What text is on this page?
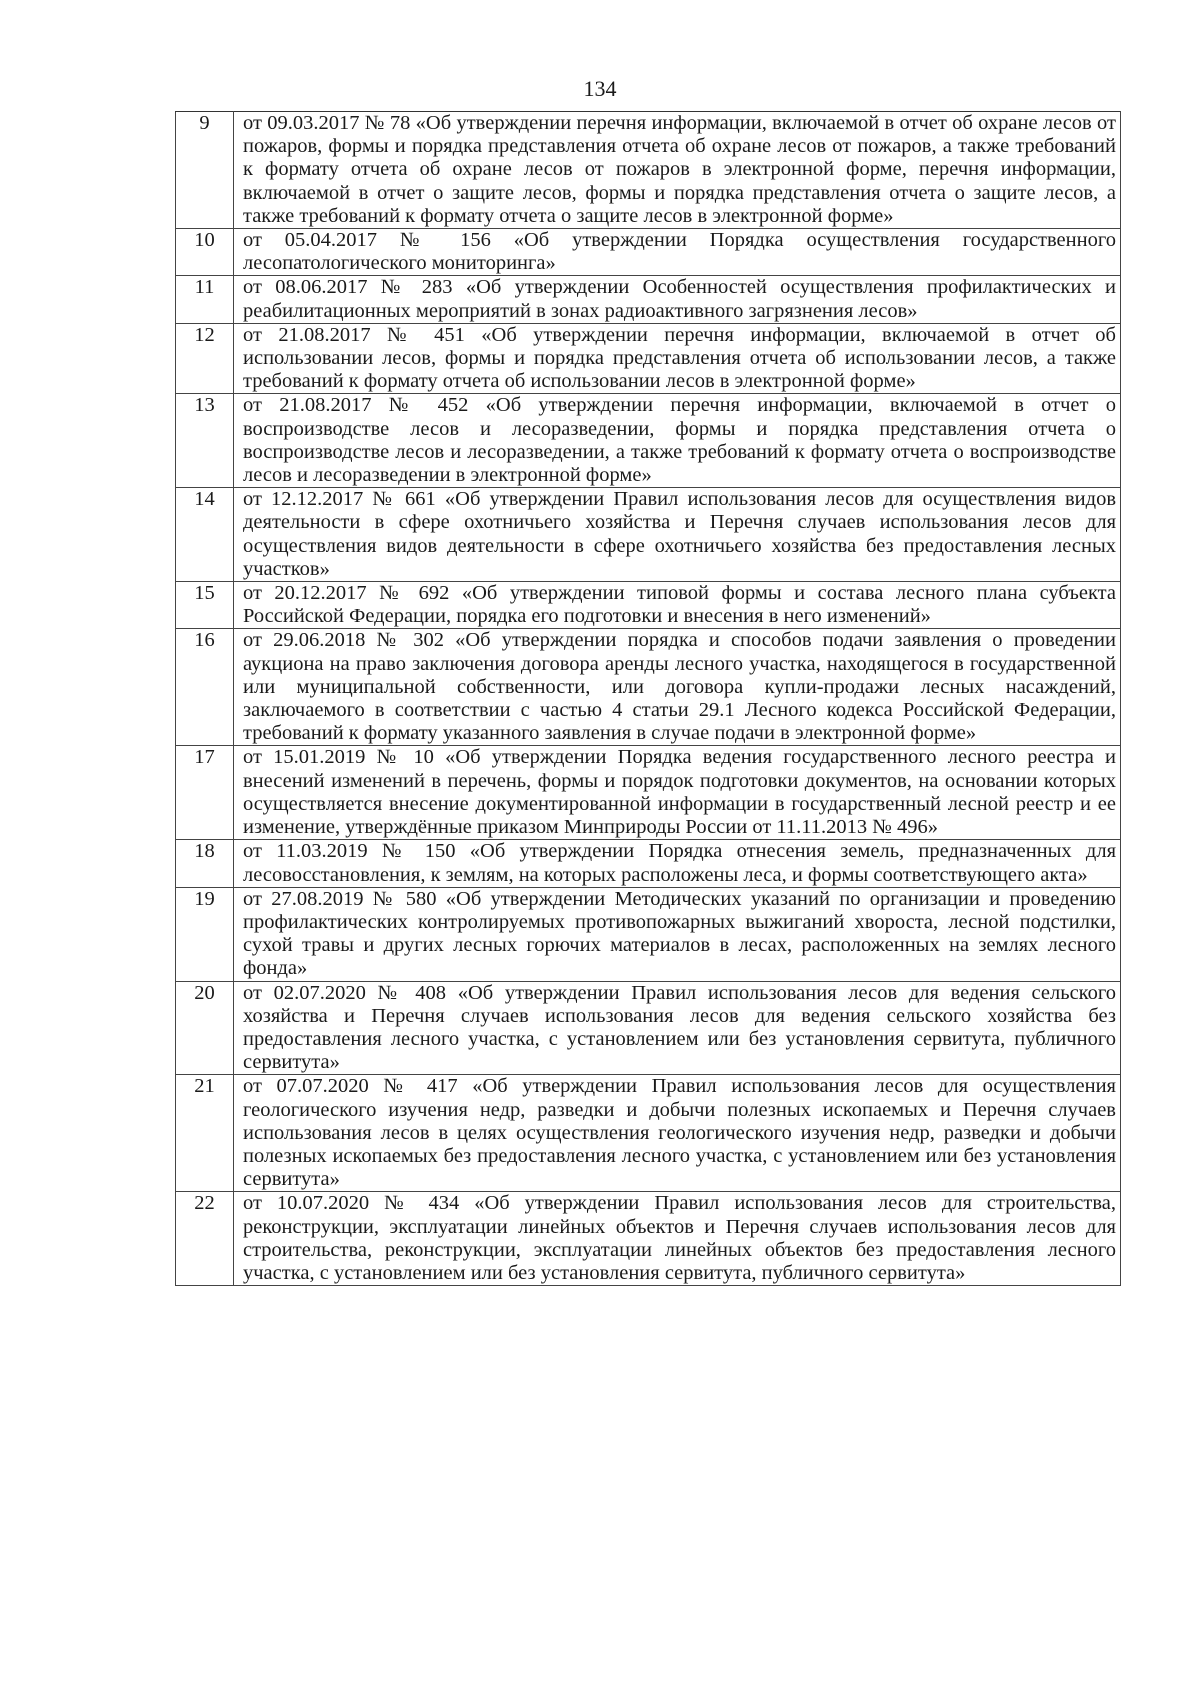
134
9	от 09.03.2017 № 78 «Об утверждении перечня информации, включаемой в отчет об охране лесов от пожаров, формы и порядка представления отчета об охране лесов от пожаров, а также требований к формату отчета об охране лесов от пожаров в электронной форме, перечня информации, включаемой в отчет о защите лесов, формы и порядка представления отчета о защите лесов, а также требований к формату отчета о защите лесов в электронной форме»
10	от 05.04.2017 № 156 «Об утверждении Порядка осуществления государственного лесопатологического мониторинга»
11	от 08.06.2017 № 283 «Об утверждении Особенностей осуществления профилактических и реабилитационных мероприятий в зонах радиоактивного загрязнения лесов»
12	от 21.08.2017 № 451 «Об утверждении перечня информации, включаемой в отчет об использовании лесов, формы и порядка представления отчета об использовании лесов, а также требований к формату отчета об использовании лесов в электронной форме»
13	от 21.08.2017 № 452 «Об утверждении перечня информации, включаемой в отчет о воспроизводстве лесов и лесоразведении, формы и порядка представления отчета о воспроизводстве лесов и лесоразведении, а также требований к формату отчета о воспроизводстве лесов и лесоразведении в электронной форме»
14	от 12.12.2017 № 661 «Об утверждении Правил использования лесов для осуществления видов деятельности в сфере охотничьего хозяйства и Перечня случаев использования лесов для осуществления видов деятельности в сфере охотничьего хозяйства без предоставления лесных участков»
15	от 20.12.2017 № 692 «Об утверждении типовой формы и состава лесного плана субъекта Российской Федерации, порядка его подготовки и внесения в него изменений»
16	от 29.06.2018 № 302 «Об утверждении порядка и способов подачи заявления о проведении аукциона на право заключения договора аренды лесного участка, находящегося в государственной или муниципальной собственности, или договора купли-продажи лесных насаждений, заключаемого в соответствии с частью 4 статьи 29.1 Лесного кодекса Российской Федерации, требований к формату указанного заявления в случае подачи в электронной форме»
17	от 15.01.2019 № 10 «Об утверждении Порядка ведения государственного лесного реестра и внесений изменений в перечень, формы и порядок подготовки документов, на основании которых осуществляется внесение документированной информации в государственный лесной реестр и ее изменение, утверждённые приказом Минприроды России от 11.11.2013 № 496»
18	от 11.03.2019 № 150 «Об утверждении Порядка отнесения земель, предназначенных для лесовосстановления, к землям, на которых расположены леса, и формы соответствующего акта»
19	от 27.08.2019 № 580 «Об утверждении Методических указаний по организации и проведению профилактических контролируемых противопожарных выжиганий хвороста, лесной подстилки, сухой травы и других лесных горючих материалов в лесах, расположенных на землях лесного фонда»
20	от 02.07.2020 № 408 «Об утверждении Правил использования лесов для ведения сельского хозяйства и Перечня случаев использования лесов для ведения сельского хозяйства без предоставления лесного участка, с установлением или без установления сервитута, публичного сервитута»
21	от 07.07.2020 № 417 «Об утверждении Правил использования лесов для осуществления геологического изучения недр, разведки и добычи полезных ископаемых и Перечня случаев использования лесов в целях осуществления геологического изучения недр, разведки и добычи полезных ископаемых без предоставления лесного участка, с установлением или без установления сервитута»
22	от 10.07.2020 № 434 «Об утверждении Правил использования лесов для строительства, реконструкции, эксплуатации линейных объектов и Перечня случаев использования лесов для строительства, реконструкции, эксплуатации линейных объектов без предоставления лесного участка, с установлением или без установления сервитута, публичного сервитута»
